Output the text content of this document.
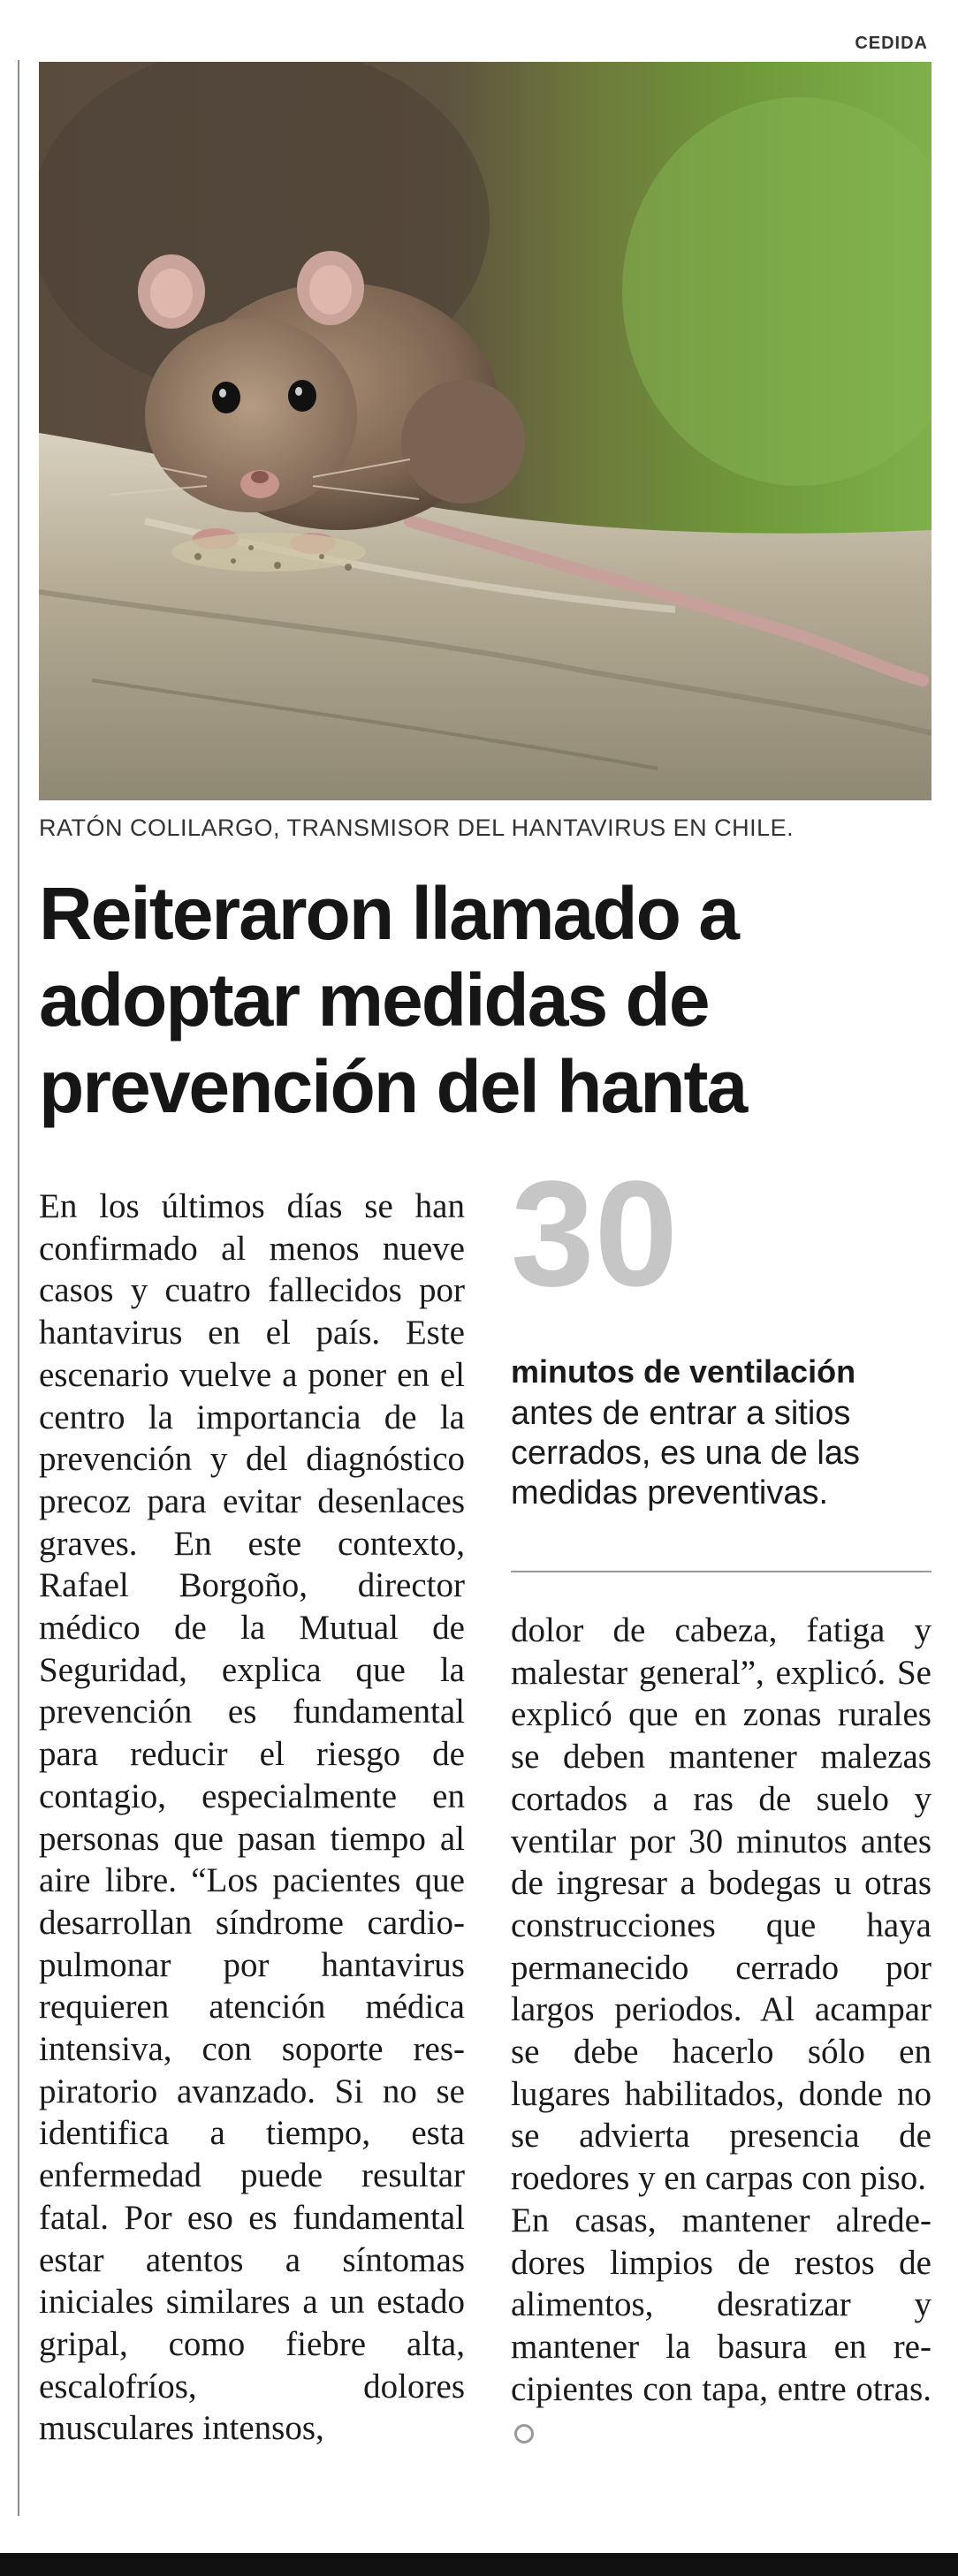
CEDIDA
RATÓN COLILARGO, TRANSMISOR DEL HANTAVIRUS EN CHILE.
Reiteraron llamado a adoptar medidas de prevención del hanta

En los últimos días se han confirmado al menos nueve casos y cuatro fallecidos por hantavirus en el país. Este escenario vuelve a poner en el centro la importancia de la prevención y del diagnóstico precoz para evitar desenlaces graves. En este contexto, Rafael Borgoño, director médico de la Mutual de Seguridad, explica que la prevención es fundamental para reducir el riesgo de contagio, especialmente en personas que pasan tiempo al aire libre. “Los pacientes que desarrollan síndrome cardiopulmonar por hantavirus requieren atención médica intensiva, con soporte respiratorio avanzado. Si no se identifica a tiempo, esta enfermedad puede resultar fatal. Por eso es fundamental estar atentos a síntomas iniciales similares a un estado gripal, como fiebre alta, escalofríos, dolores musculares intensos,

30
minutos de ventilación
antes de entrar a sitios cerrados, es una de las medidas preventivas.

dolor de cabeza, fatiga y malestar general”, explicó. Se explicó que en zonas rurales se deben mantener malezas cortados a ras de suelo y ventilar por 30 minutos antes de ingresar a bodegas u otras construcciones que haya permanecido cerrado por largos periodos. Al acampar se debe hacerlo sólo en lugares habilitados, donde no se advierta presencia de roedores y en carpas con piso.

En casas, mantener alrededores limpios de restos de alimentos, desratizar y mantener la basura en recipientes con tapa, entre otras.
